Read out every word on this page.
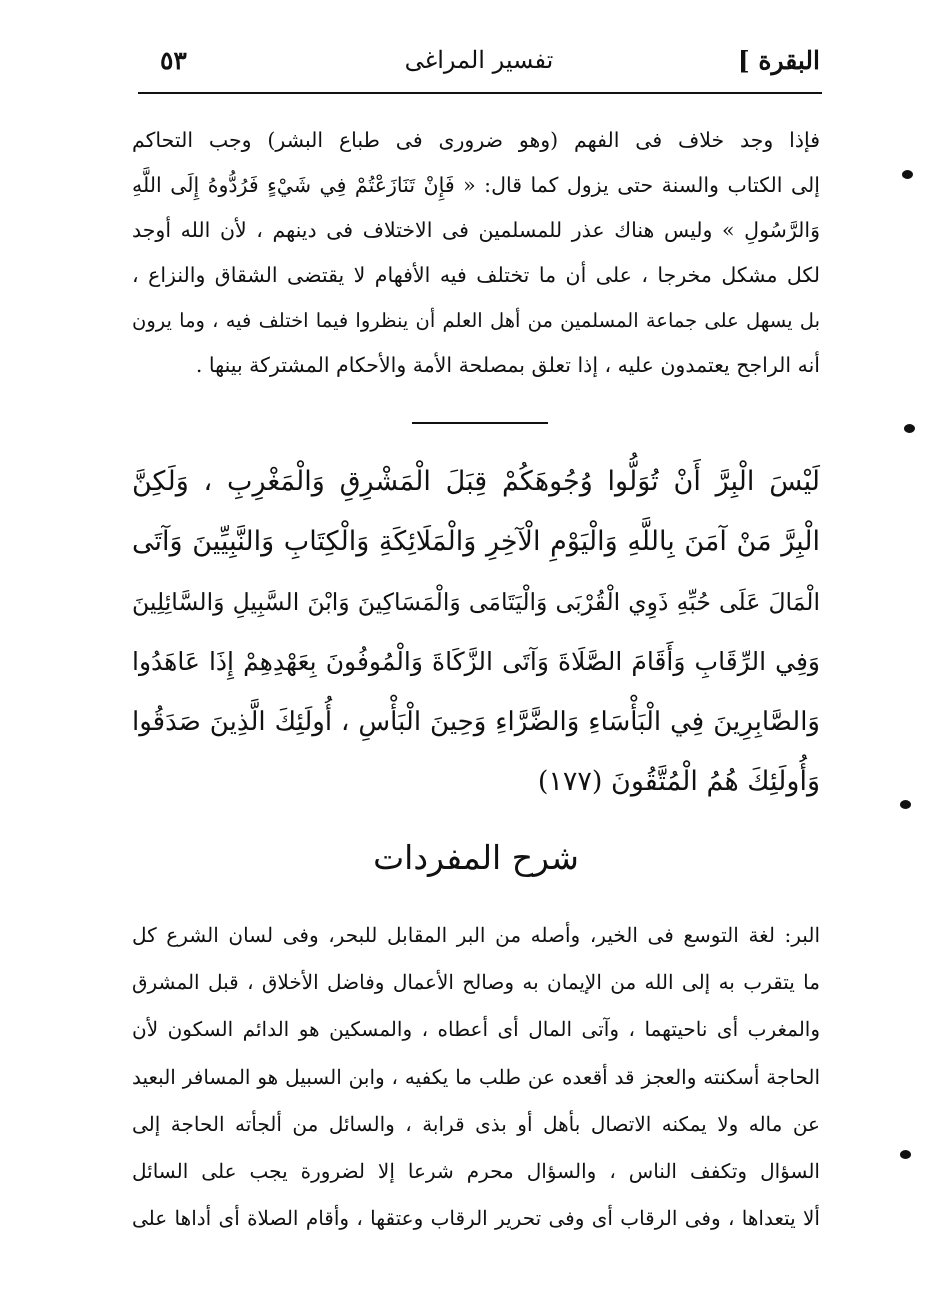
البقرة ]
تفسير المراغى
٥٣
فإذا وجد خلاف فى الفهم (وهو ضرورى فى طباع البشر) وجب التحاكم
إلى الكتاب والسنة حتى يزول كما قال: « فَإِنْ تَنَازَعْتُمْ فِي شَيْءٍ فَرُدُّوهُ إِلَى اللَّهِ
وَالرَّسُولِ » وليس هناك عذر للمسلمين فى الاختلاف فى دينهم ، لأن الله أوجد
لكل مشكل مخرجا ، على أن ما تختلف فيه الأفهام لا يقتضى الشقاق والنزاع ،
بل يسهل على جماعة المسلمين من أهل العلم أن ينظروا فيما اختلف فيه ، وما يرون
أنه الراجح يعتمدون عليه ، إذا تعلق بمصلحة الأمة والأحكام المشتركة بينها .
لَيْسَ الْبِرَّ أَنْ تُوَلُّوا وُجُوهَكُمْ قِبَلَ الْمَشْرِقِ وَالْمَغْرِبِ ، وَلَكِنَّ
الْبِرَّ مَنْ آمَنَ بِاللَّهِ وَالْيَوْمِ الْآخِرِ وَالْمَلَائِكَةِ وَالْكِتَابِ وَالنَّبِيِّينَ وَآتَى
الْمَالَ عَلَى حُبِّهِ ذَوِي الْقُرْبَى وَالْيَتَامَى وَالْمَسَاكِينَ وَابْنَ السَّبِيلِ وَالسَّائِلِينَ
وَفِي الرِّقَابِ وَأَقَامَ الصَّلَاةَ وَآتَى الزَّكَاةَ وَالْمُوفُونَ بِعَهْدِهِمْ إِذَا عَاهَدُوا
وَالصَّابِرِينَ فِي الْبَأْسَاءِ وَالضَّرَّاءِ وَحِينَ الْبَأْسِ ، أُولَئِكَ الَّذِينَ صَدَقُوا
وَأُولَئِكَ هُمُ الْمُتَّقُونَ (١٧٧)
شرح المفردات
البر: لغة التوسع فى الخير، وأصله من البر المقابل للبحر، وفى لسان الشرع كل
ما يتقرب به إلى الله من الإيمان به وصالح الأعمال وفاضل الأخلاق ، قبل المشرق
والمغرب أى ناحيتهما ، وآتى المال أى أعطاه ، والمسكين هو الدائم السكون لأن
الحاجة أسكنته والعجز قد أقعده عن طلب ما يكفيه ، وابن السبيل هو المسافر البعيد
عن ماله ولا يمكنه الاتصال بأهل أو بذى قرابة ، والسائل من ألجأته الحاجة إلى
السؤال وتكفف الناس ، والسؤال محرم شرعا إلا لضرورة يجب على السائل
ألا يتعداها ، وفى الرقاب أى وفى تحرير الرقاب وعتقها ، وأقام الصلاة أى أداها على
